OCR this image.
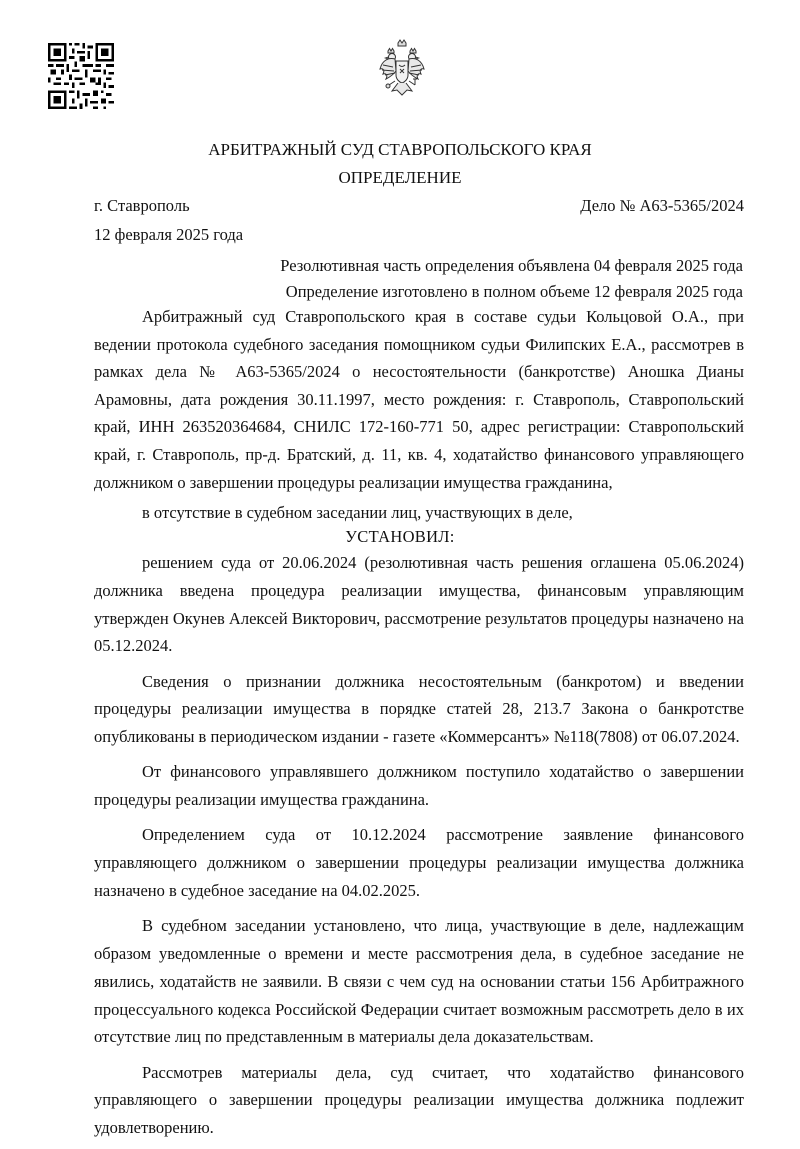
АРБИТРАЖНЫЙ СУД СТАВРОПОЛЬСКОГО КРАЯ
ОПРЕДЕЛЕНИЕ
г. Ставрополь	Дело № А63-5365/2024
12 февраля 2025 года
Резолютивная часть определения объявлена 04 февраля 2025 года
Определение изготовлено в полном объеме 12 февраля 2025 года

Арбитражный суд Ставропольского края в составе судьи Кольцовой О.А., при ведении протокола судебного заседания помощником судьи Филипских Е.А., рассмотрев в рамках дела № А63-5365/2024 о несостоятельности (банкротстве) Аношка Дианы Арамовны, дата рождения 30.11.1997, место рождения: г. Ставрополь, Ставропольский край, ИНН 263520364684, СНИЛС 172-160-771 50, адрес регистрации: Ставропольский край, г. Ставрополь, пр-д. Братский, д. 11, кв. 4, ходатайство финансового управляющего должником о завершении процедуры реализации имущества гражданина,

в отсутствие в судебном заседании лиц, участвующих в деле,

УСТАНОВИЛ:

решением суда от 20.06.2024 (резолютивная часть решения оглашена 05.06.2024) должника введена процедура реализации имущества, финансовым управляющим утвержден Окунев Алексей Викторович, рассмотрение результатов процедуры назначено на 05.12.2024.

Сведения о признании должника несостоятельным (банкротом) и введении процедуры реализации имущества в порядке статей 28, 213.7 Закона о банкротстве опубликованы в периодическом издании - газете «Коммерсантъ» №118(7808) от 06.07.2024.

От финансового управлявшего должником поступило ходатайство о завершении процедуры реализации имущества гражданина.

Определением суда от 10.12.2024 рассмотрение заявление финансового управляющего должником о завершении процедуры реализации имущества должника назначено в судебное заседание на 04.02.2025.

В судебном заседании установлено, что лица, участвующие в деле, надлежащим образом уведомленные о времени и месте рассмотрения дела, в судебное заседание не явились, ходатайств не заявили. В связи с чем суд на основании статьи 156 Арбитражного процессуального кодекса Российской Федерации считает возможным рассмотреть дело в их отсутствие лиц по представленным в материалы дела доказательствам.

Рассмотрев материалы дела, суд считает, что ходатайство финансового управляющего о завершении процедуры реализации имущества должника подлежит удовлетворению.
